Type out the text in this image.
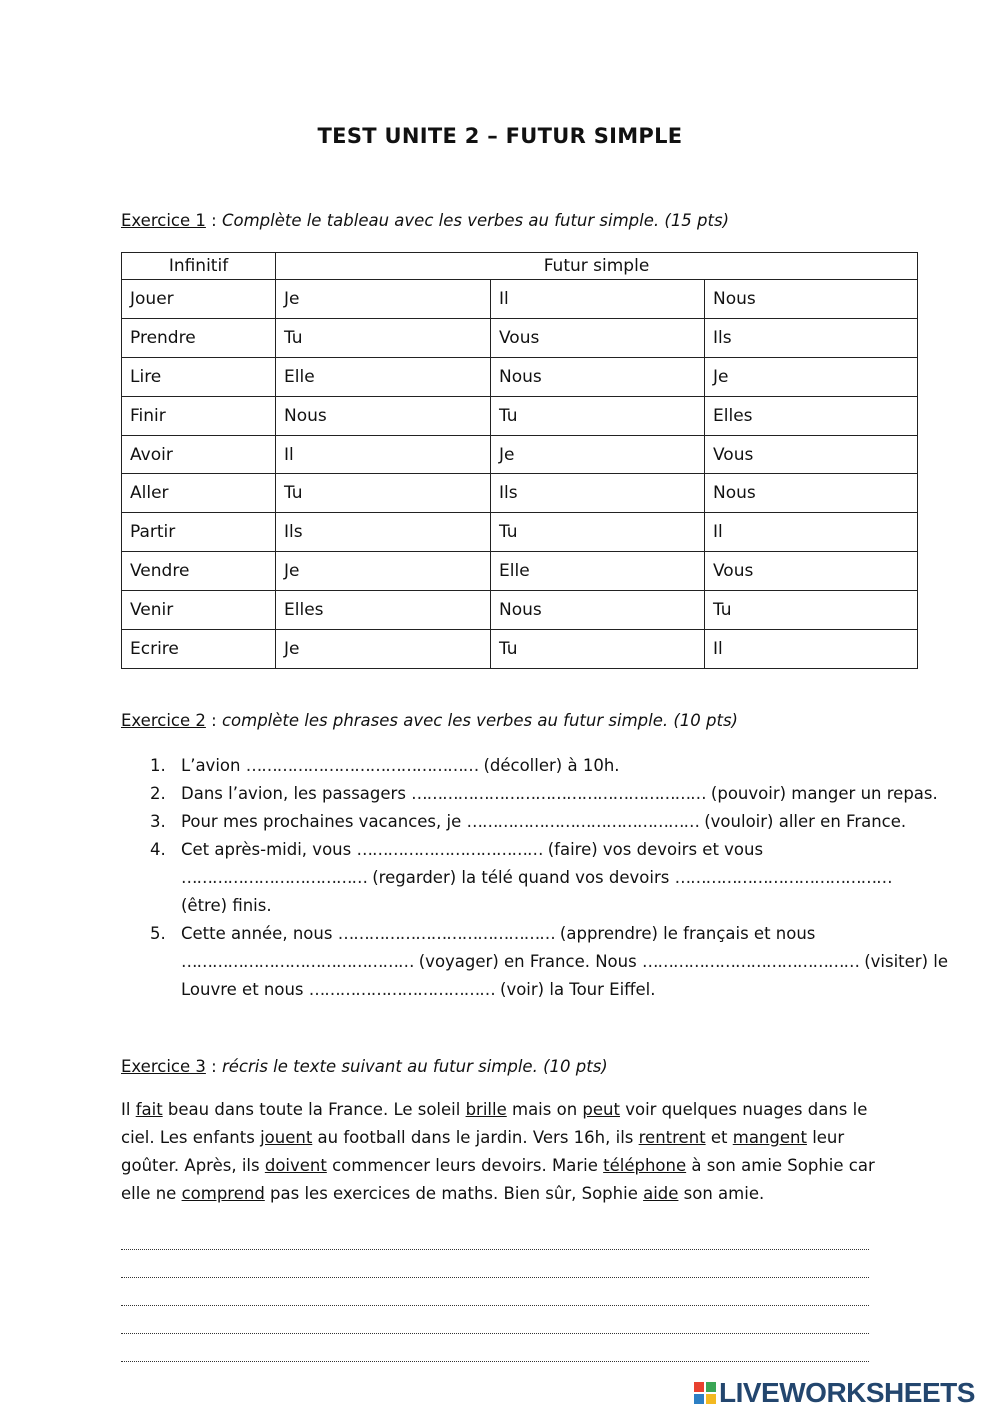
TEST UNITE 2 – FUTUR SIMPLE
Exercice 1 : Complète le tableau avec les verbes au futur simple. (15 pts)
Infinitif	Futur simple		
Jouer	Je	Il	Nous
Prendre	Tu	Vous	Ils
Lire	Elle	Nous	Je
Finir	Nous	Tu	Elles
Avoir	Il	Je	Vous
Aller	Tu	Ils	Nous
Partir	Ils	Tu	Il
Vendre	Je	Elle	Vous
Venir	Elles	Nous	Tu
Ecrire	Je	Tu	Il
Exercice 2 : complète les phrases avec les verbes au futur simple. (10 pts)
1. L’avion ……………………………………… (décoller) à 10h.
2. Dans l’avion, les passagers ………………………………………………… (pouvoir) manger un repas.
3. Pour mes prochaines vacances, je ……………………………………… (vouloir) aller en France.
4. Cet après-midi, vous ……………………………… (faire) vos devoirs et vous
……………………………… (regarder) la télé quand vos devoirs ……………………………………
(être) finis.
5. Cette année, nous …………………………………… (apprendre) le français et nous
……………………………………… (voyager) en France. Nous …………………………………… (visiter) le
Louvre et nous ……………………………… (voir) la Tour Eiffel.
Exercice 3 : récris le texte suivant au futur simple. (10 pts)
Il fait beau dans toute la France. Le soleil brille mais on peut voir quelques nuages dans le ciel. Les enfants jouent au football dans le jardin. Vers 16h, ils rentrent et mangent leur goûter. Après, ils doivent commencer leurs devoirs. Marie téléphone à son amie Sophie car elle ne comprend pas les exercices de maths. Bien sûr, Sophie aide son amie.
LIVEWORKSHEETS
